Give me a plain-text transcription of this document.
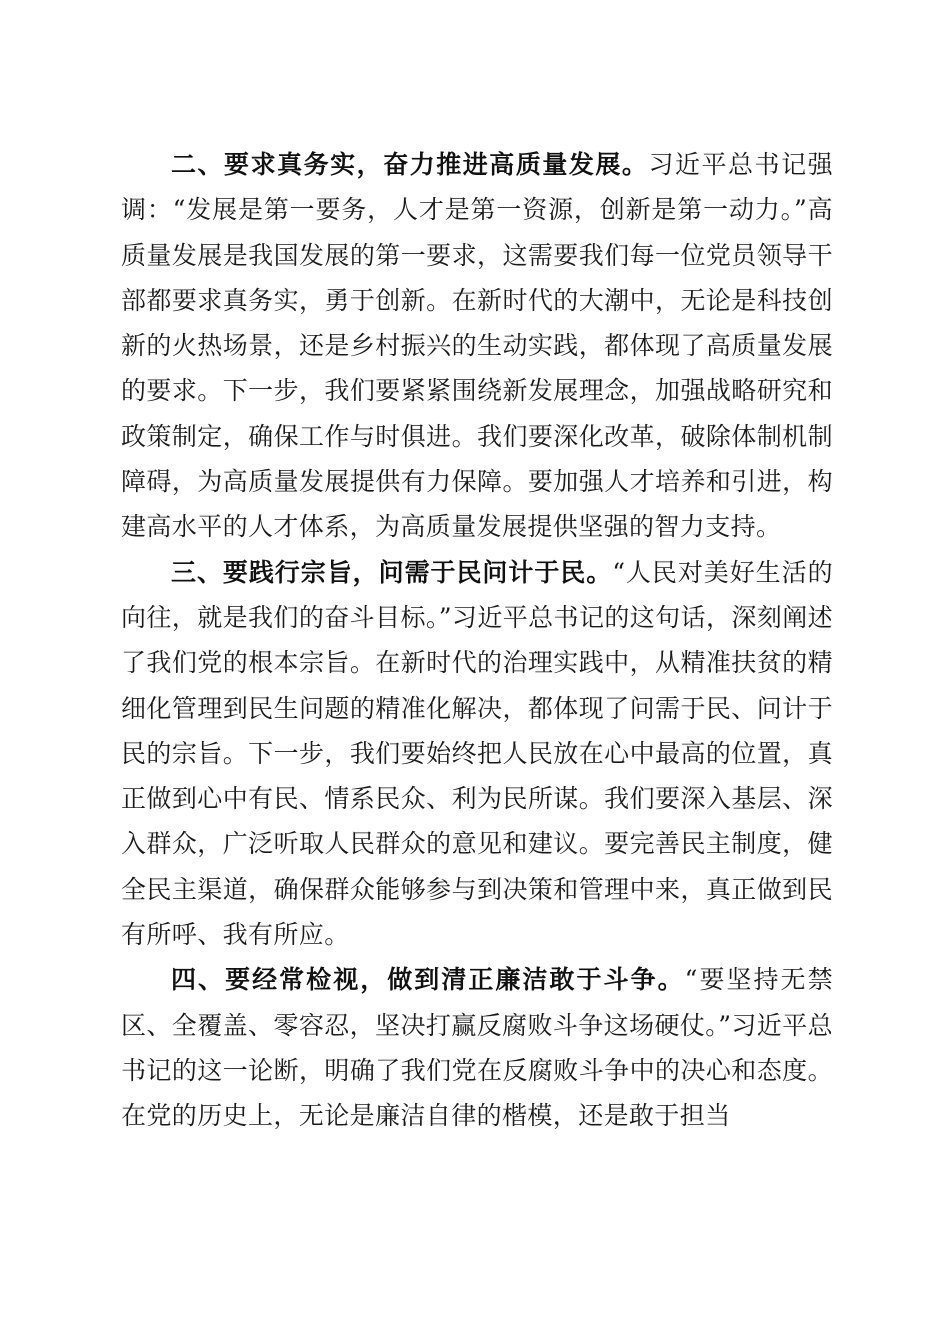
二、要求真务实，奋力推进高质量发展。习近平总书记强调：“发展是第一要务，人才是第一资源，创新是第一动力。”高质量发展是我国发展的第一要求，这需要我们每一位党员领导干部都要求真务实，勇于创新。在新时代的大潮中，无论是科技创新的火热场景，还是乡村振兴的生动实践，都体现了高质量发展的要求。下一步，我们要紧紧围绕新发展理念，加强战略研究和政策制定，确保工作与时俱进。我们要深化改革，破除体制机制障碍，为高质量发展提供有力保障。要加强人才培养和引进，构建高水平的人才体系，为高质量发展提供坚强的智力支持。

三、要践行宗旨，问需于民问计于民。“人民对美好生活的向往，就是我们的奋斗目标。”习近平总书记的这句话，深刻阐述了我们党的根本宗旨。在新时代的治理实践中，从精准扶贫的精细化管理到民生问题的精准化解决，都体现了问需于民、问计于民的宗旨。下一步，我们要始终把人民放在心中最高的位置，真正做到心中有民、情系民众、利为民所谋。我们要深入基层、深入群众，广泛听取人民群众的意见和建议。要完善民主制度，健全民主渠道，确保群众能够参与到决策和管理中来，真正做到民有所呼、我有所应。

四、要经常检视，做到清正廉洁敢于斗争。“要坚持无禁区、全覆盖、零容忍，坚决打赢反腐败斗争这场硬仗。”习近平总书记的这一论断，明确了我们党在反腐败斗争中的决心和态度。在党的历史上，无论是廉洁自律的楷模，还是敢于担当
